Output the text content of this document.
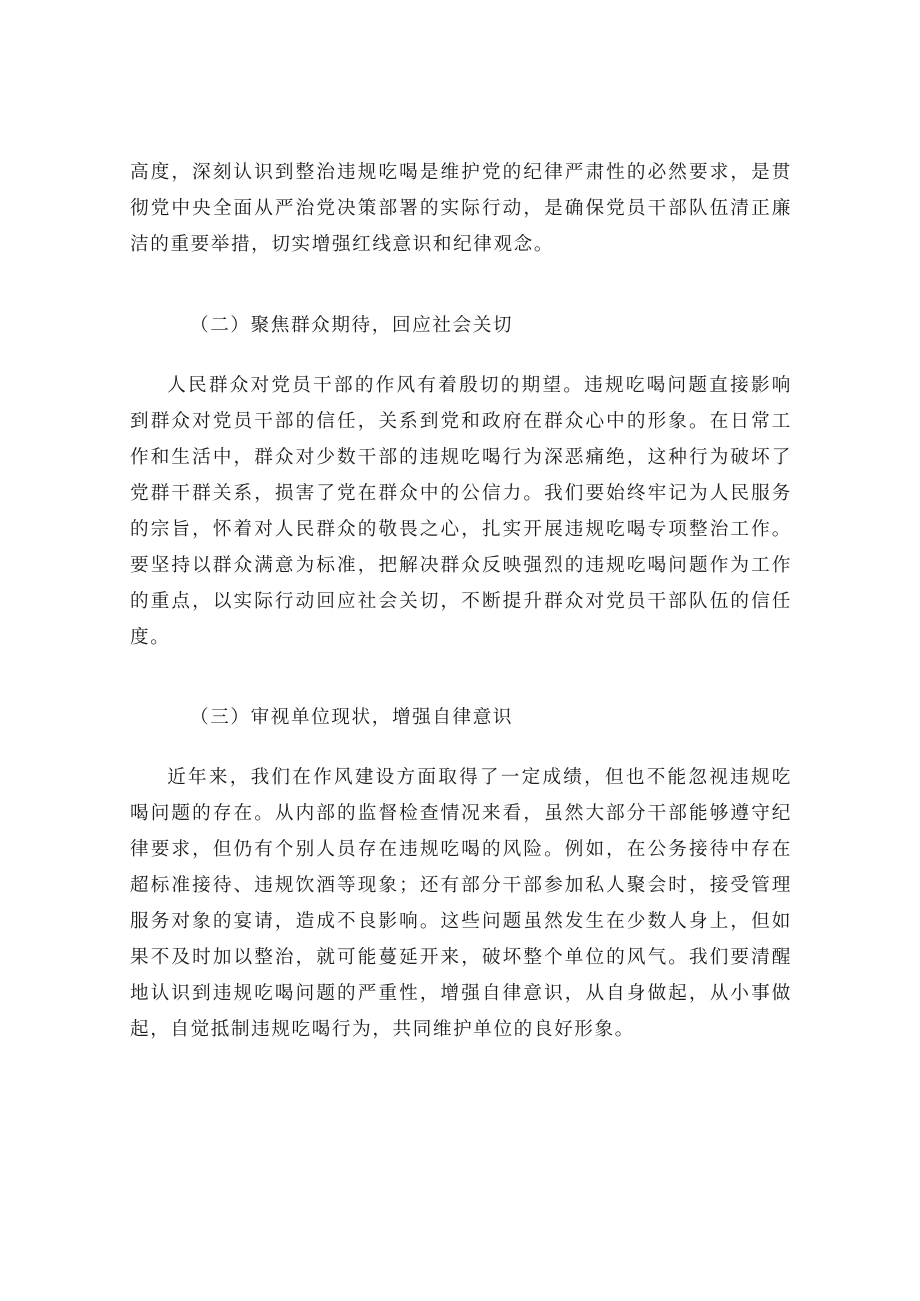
高度，深刻认识到整治违规吃喝是维护党的纪律严肃性的必然要求，是贯彻党中央全面从严治党决策部署的实际行动，是确保党员干部队伍清正廉洁的重要举措，切实增强红线意识和纪律观念。
（二）聚焦群众期待，回应社会关切
人民群众对党员干部的作风有着殷切的期望。违规吃喝问题直接影响到群众对党员干部的信任，关系到党和政府在群众心中的形象。在日常工作和生活中，群众对少数干部的违规吃喝行为深恶痛绝，这种行为破坏了党群干群关系，损害了党在群众中的公信力。我们要始终牢记为人民服务的宗旨，怀着对人民群众的敬畏之心，扎实开展违规吃喝专项整治工作。要坚持以群众满意为标准，把解决群众反映强烈的违规吃喝问题作为工作的重点，以实际行动回应社会关切，不断提升群众对党员干部队伍的信任度。
（三）审视单位现状，增强自律意识
近年来，我们在作风建设方面取得了一定成绩，但也不能忽视违规吃喝问题的存在。从内部的监督检查情况来看，虽然大部分干部能够遵守纪律要求，但仍有个别人员存在违规吃喝的风险。例如，在公务接待中存在超标准接待、违规饮酒等现象；还有部分干部参加私人聚会时，接受管理服务对象的宴请，造成不良影响。这些问题虽然发生在少数人身上，但如果不及时加以整治，就可能蔓延开来，破坏整个单位的风气。我们要清醒地认识到违规吃喝问题的严重性，增强自律意识，从自身做起，从小事做起，自觉抵制违规吃喝行为，共同维护单位的良好形象。
